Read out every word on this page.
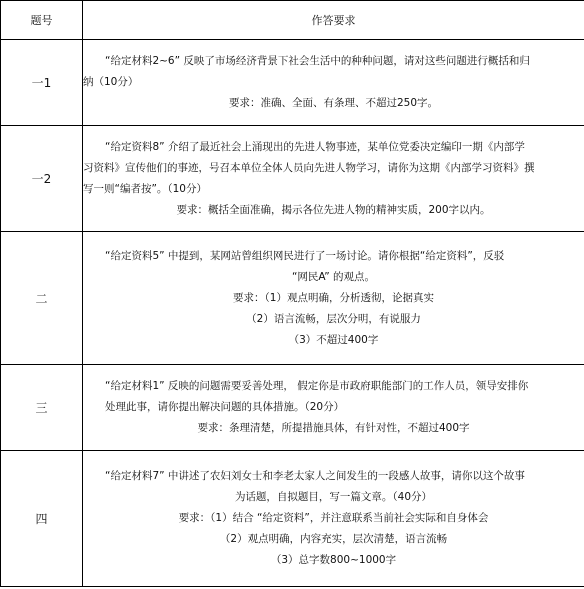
题号	作答要求
一1	“给定材料2~6” 反映了市场经济背景下社会生活中的种种问题，请对这些问题进行概括和归
纳（10分）
要求：准确、全面、有条理、不超过250字。

一2	“给定资料8” 介绍了最近社会上涌现出的先进人物事迹，某单位党委决定编印一期《内部学
习资料》宣传他们的事迹，号召本单位全体人员向先进人物学习，请你为这期《内部学习资料》撰
写一则“编者按”。（10分）
要求：概括全面准确，揭示各位先进人物的精神实质，200字以内。

二	“给定资料5” 中提到，某网站曾组织网民进行了一场讨论。请你根据“给定资料”，反驳
“网民A” 的观点。
要求：（1）观点明确，分析透彻，论据真实
（2）语言流畅，层次分明，有说服力
（3）不超过400字

三	“给定材料1” 反映的问题需要妥善处理， 假定你是市政府职能部门的工作人员，领导安排你
处理此事，请你提出解决问题的具体措施。（20分）
要求：条理清楚，所提措施具体，有针对性，不超过400字

四	“给定材料7” 中讲述了农妇刘女士和李老太家人之间发生的一段感人故事，请你以这个故事
为话题，自拟题目，写一篇文章。（40分）
要求：（1）结合 “给定资料”，并注意联系当前社会实际和自身体会
（2）观点明确，内容充实，层次清楚，语言流畅
（3）总字数800~1000字
